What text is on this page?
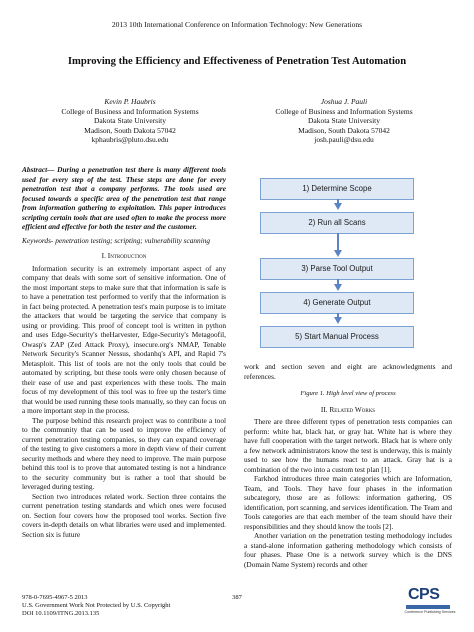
2013 10th International Conference on Information Technology: New Generations
Improving the Efficiency and Effectiveness of Penetration Test Automation
Kevin P. Haubris
College of Business and Information Systems
Dakota State University
Madison, South Dakota 57042
kphaubris@pluto.dsu.edu
Joshua J. Pauli
College of Business and Information Systems
Dakota State University
Madison, South Dakota 57042
josh.pauli@dsu.edu
Abstract— During a penetration test there is many different tools used for every step of the test. These steps are done for every penetration test that a company performs. The tools used are focused towards a specific area of the penetration test that range from information gathering to exploitation. This paper introduces scripting certain tools that are used often to make the process more efficient and effective for both the tester and the customer.
Keywords- penetration testing; scripting; vulnerability scanning
I. Introduction

Information security is an extremely important aspect of any company that deals with some sort of sensitive information. One of the most important steps to make sure that that information is safe is to have a penetration test performed to verify that the information is in fact being protected. A penetration test's main purpose is to imitate the attackers that would be targeting the service that company is using or providing. This proof of concept tool is written in python and uses Edge-Security's theHarvester, Edge-Security's Metagoofil, Owasp's ZAP (Zed Attack Proxy), insecure.org's NMAP, Tenable Network Security's Scanner Nessus, shodanhq's API, and Rapid 7's Metasploit. This list of tools are not the only tools that could be automated by scripting, but these tools were only chosen because of their ease of use and past experiences with these tools. The main focus of my development of this tool was to free up the tester's time that would be used running these tools manually, so they can focus on a more important step in the process.

The purpose behind this research project was to contribute a tool to the community that can be used to improve the efficiency of current penetration testing companies, so they can expand coverage of the testing to give customers a more in depth view of their current security methods and where they need to improve. The main purpose behind this tool is to prove that automated testing is not a hindrance to the security community but is rather a tool that should be leveraged during testing.

Section two introduces related work. Section three contains the current penetration testing standards and which ones were focused on. Section four covers how the proposed tool works. Section five covers in-depth details on what libraries were used and implemented. Section six is future

1) Determine Scope
2) Run all Scans
3) Parse Tool Output
4) Generate Output
5) Start Manual Process

work and section seven and eight are acknowledgments and references.

Figure 1. High level view of process
II. Related Works

There are three different types of penetration tests companies can perform: white hat, black hat, or gray hat. White hat is where they have full cooperation with the target network. Black hat is where only a few network administrators know the test is underway, this is mainly used to see how the humans react to an attack. Gray hat is a combination of the two into a custom test plan [1].

Farkhod introduces three main categories which are Information, Team, and Tools. They have four phases in the information subcategory, those are as follows: information gathering, OS identification, port scanning, and services identification. The Team and Tools categories are that each member of the team should have their responsibilities and they should know the tools [2].

Another variation on the penetration testing methodology includes a stand-alone information gathering methodology which consists of four phases. Phase One is a network survey which is the DNS (Domain Name System) records and other

978-0-7695-4967-5 2013
U.S. Government Work Not Protected by U.S. Copyright
DOI 10.1109/ITNG.2013.135
387	CPS
Conference Publishing Services
